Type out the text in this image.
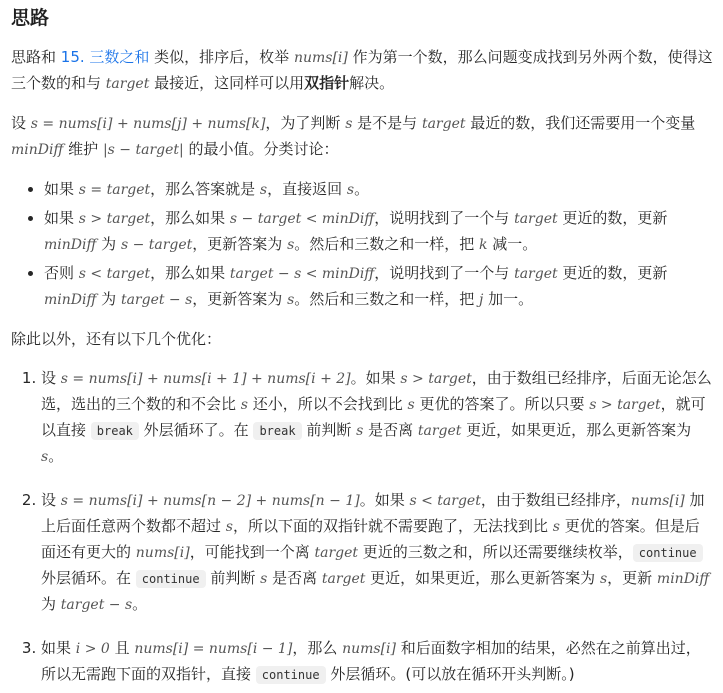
思路

思路和 15. 三数之和 类似，排序后，枚举 nums[i] 作为第一个数，那么问题变成找到另外两个数，使得这三个数的和与 target 最接近，这同样可以用双指针解决。

设 s = nums[i] + nums[j] + nums[k]，为了判断 s 是不是与 target 最近的数，我们还需要用一个变量 minDiff 维护 |s − target| 的最小值。分类讨论：

• 如果 s = target，那么答案就是 s，直接返回 s。
• 如果 s > target，那么如果 s − target < minDiff，说明找到了一个与 target 更近的数，更新 minDiff 为 s − target，更新答案为 s。然后和三数之和一样，把 k 减一。
• 否则 s < target，那么如果 target − s < minDiff，说明找到了一个与 target 更近的数，更新 minDiff 为 target − s，更新答案为 s。然后和三数之和一样，把 j 加一。

除此以外，还有以下几个优化：

1. 设 s = nums[i] + nums[i + 1] + nums[i + 2]。如果 s > target，由于数组已经排序，后面无论怎么选，选出的三个数的和不会比 s 还小，所以不会找到比 s 更优的答案了。所以只要 s > target，就可以直接 break 外层循环了。在 break 前判断 s 是否离 target 更近，如果更近，那么更新答案为 s。
2. 设 s = nums[i] + nums[n − 2] + nums[n − 1]。如果 s < target，由于数组已经排序，nums[i] 加上后面任意两个数都不超过 s，所以下面的双指针就不需要跑了，无法找到比 s 更优的答案。但是后面还有更大的 nums[i]，可能找到一个离 target 更近的三数之和，所以还需要继续枚举， continue 外层循环。在 continue 前判断 s 是否离 target 更近，如果更近，那么更新答案为 s，更新 minDiff 为 target − s。
3. 如果 i > 0 且 nums[i] = nums[i − 1]，那么 nums[i] 和后面数字相加的结果，必然在之前算出过，所以无需跑下面的双指针，直接 continue 外层循环。(可以放在循环开头判断。)
